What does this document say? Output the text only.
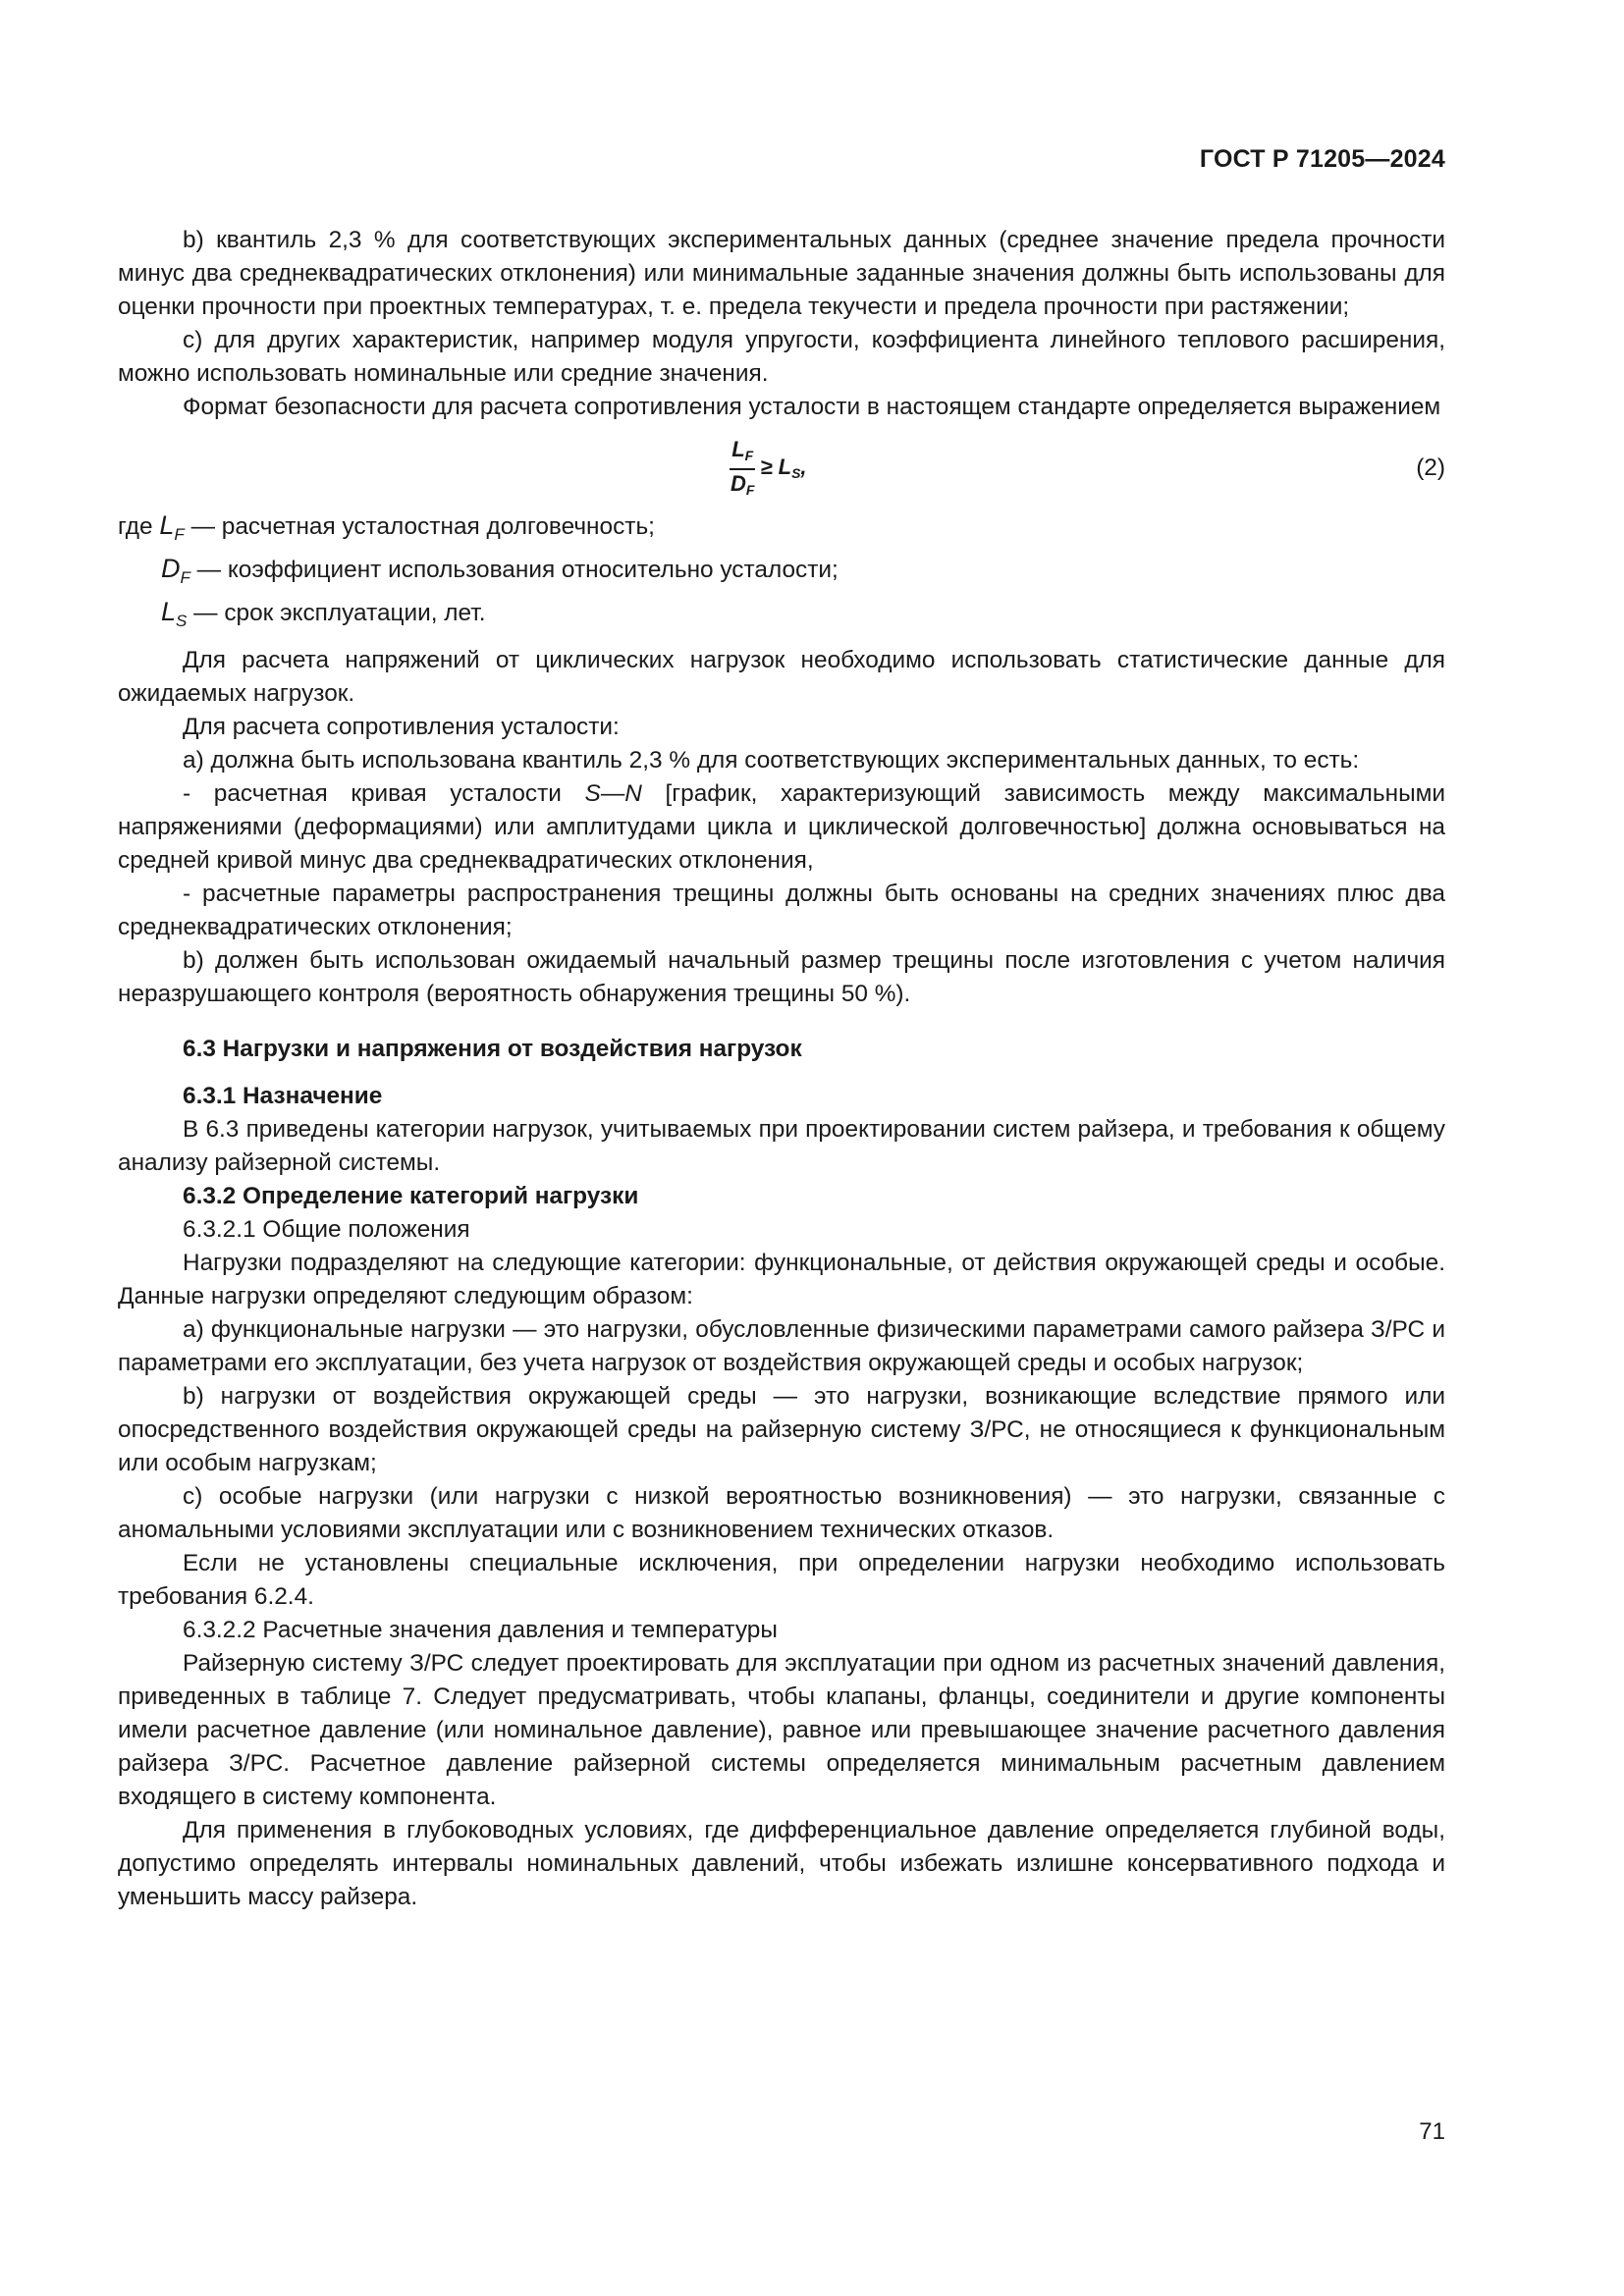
ГОСТ Р 71205—2024

b) квантиль 2,3 % для соответствующих экспериментальных данных (среднее значение предела прочности минус два среднеквадратических отклонения) или минимальные заданные значения должны быть использованы для оценки прочности при проектных температурах, т. е. предела текучести и предела прочности при растяжении;

с) для других характеристик, например модуля упругости, коэффициента линейного теплового расширения, можно использовать номинальные или средние значения.

Формат безопасности для расчета сопротивления усталости в настоящем стандарте определяется выражением

$\frac{L_F}{D_F} \ge L_S$,	(2)
где $L_F$ — расчетная усталостная долговечность;
$D_F$ — коэффициент использования относительно усталости;
$L_S$ — срок эксплуатации, лет.

Для расчета напряжений от циклических нагрузок необходимо использовать статистические данные для ожидаемых нагрузок.

Для расчета сопротивления усталости:

а) должна быть использована квантиль 2,3 % для соответствующих экспериментальных данных, то есть:

- расчетная кривая усталости S—N [график, характеризующий зависимость между максимальными напряжениями (деформациями) или амплитудами цикла и циклической долговечностью] должна основываться на средней кривой минус два среднеквадратических отклонения,

- расчетные параметры распространения трещины должны быть основаны на средних значениях плюс два среднеквадратических отклонения;

b) должен быть использован ожидаемый начальный размер трещины после изготовления с учетом наличия неразрушающего контроля (вероятность обнаружения трещины 50 %).

6.3 Нагрузки и напряжения от воздействия нагрузок

6.3.1 Назначение

В 6.3 приведены категории нагрузок, учитываемых при проектировании систем райзера, и требования к общему анализу райзерной системы.

6.3.2 Определение категорий нагрузки

6.3.2.1 Общие положения

Нагрузки подразделяют на следующие категории: функциональные, от действия окружающей среды и особые. Данные нагрузки определяют следующим образом:

а) функциональные нагрузки — это нагрузки, обусловленные физическими параметрами самого райзера З/РС и параметрами его эксплуатации, без учета нагрузок от воздействия окружающей среды и особых нагрузок;

b) нагрузки от воздействия окружающей среды — это нагрузки, возникающие вследствие прямого или опосредственного воздействия окружающей среды на райзерную систему З/РС, не относящиеся к функциональным или особым нагрузкам;

с) особые нагрузки (или нагрузки с низкой вероятностью возникновения) — это нагрузки, связанные с аномальными условиями эксплуатации или с возникновением технических отказов.

Если не установлены специальные исключения, при определении нагрузки необходимо использовать требования 6.2.4.

6.3.2.2 Расчетные значения давления и температуры

Райзерную систему З/РС следует проектировать для эксплуатации при одном из расчетных значений давления, приведенных в таблице 7. Следует предусматривать, чтобы клапаны, фланцы, соединители и другие компоненты имели расчетное давление (или номинальное давление), равное или превышающее значение расчетного давления райзера З/РС. Расчетное давление райзерной системы определяется минимальным расчетным давлением входящего в систему компонента.

Для применения в глубоководных условиях, где дифференциальное давление определяется глубиной воды, допустимо определять интервалы номинальных давлений, чтобы избежать излишне консервативного подхода и уменьшить массу райзера.

71
